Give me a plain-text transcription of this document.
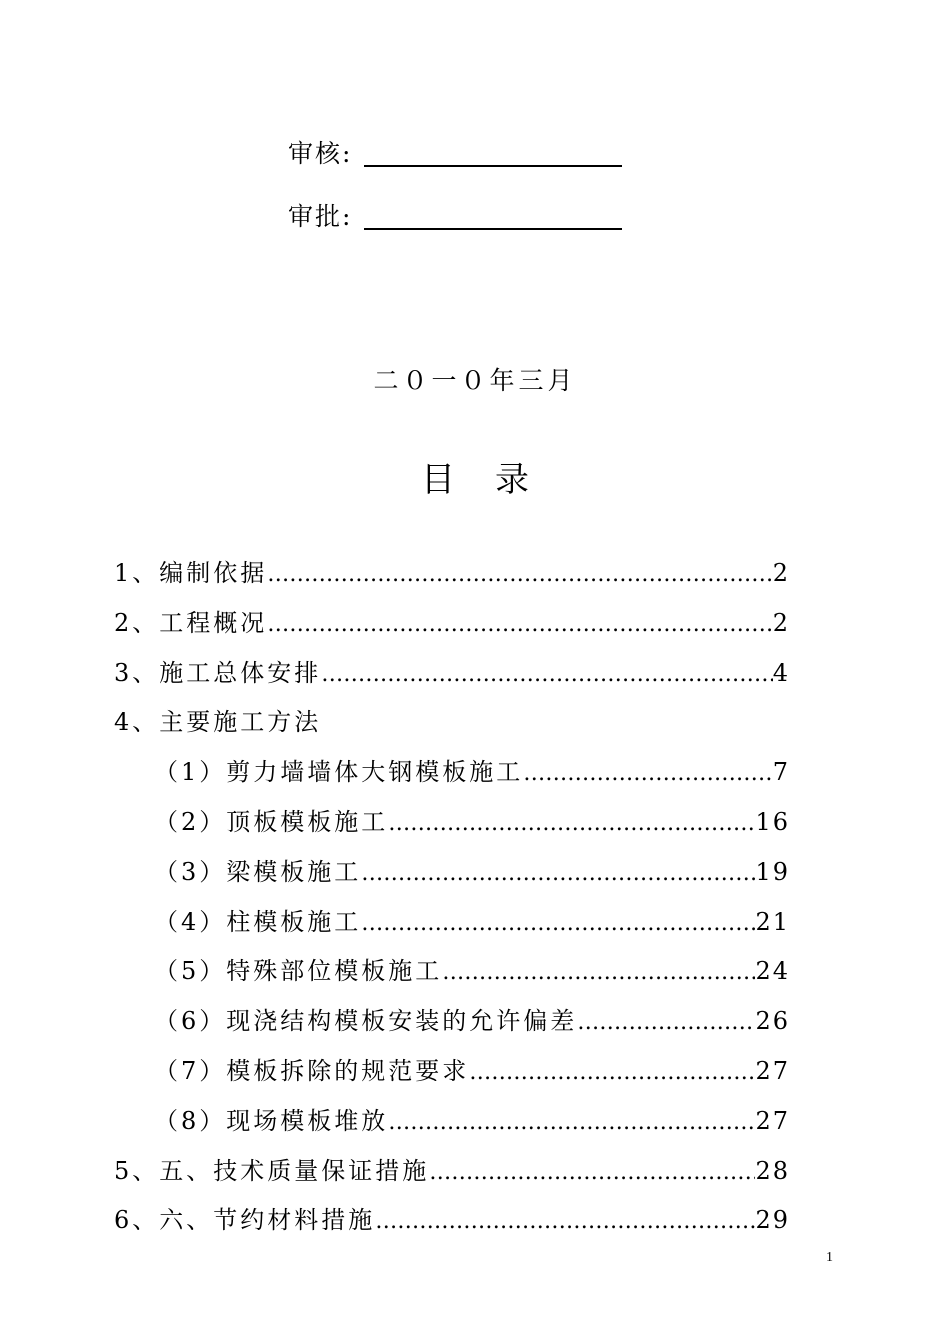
审核:
审批:
二０一０年三月
目录
1、编制依据 ………………………………………………………………………………………………………………	2
2、工程概况 ………………………………………………………………………………………………………………	2
3、施工总体安排 ………………………………………………………………………………………………………………	4
4、主要施工方法
（1）剪力墙墙体大钢模板施工 ………………………………………………………………………………………………………………	7
（2）顶板模板施工 ………………………………………………………………………………………………………………	16
（3）梁模板施工 ………………………………………………………………………………………………………………	19
（4）柱模板施工 ………………………………………………………………………………………………………………	21
（5）特殊部位模板施工 ………………………………………………………………………………………………………………	24
（6）现浇结构模板安装的允许偏差 ………………………………………………………………………………………………………………	26
（7）模板拆除的规范要求 ………………………………………………………………………………………………………………	27
（8）现场模板堆放 ………………………………………………………………………………………………………………	27
5、五、技术质量保证措施 ………………………………………………………………………………………………………………	28
6、六、节约材料措施 ………………………………………………………………………………………………………………	29
1
